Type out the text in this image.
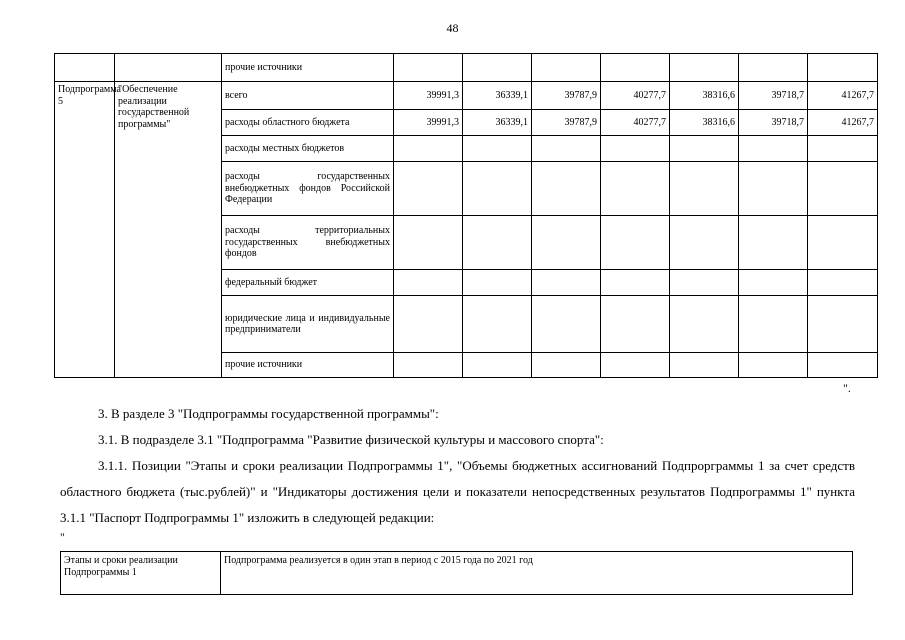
48
		прочие источники							
Подпрограмма 5	"Обеспечение реализации государственной программы"	всего	39991,3	36339,1	39787,9	40277,7	38316,6	39718,7	41267,7
		расходы областного бюджета	39991,3	36339,1	39787,9	40277,7	38316,6	39718,7	41267,7
		расходы местных бюджетов							
		расходы государственных внебюджетных фондов Российской Федерации							
		расходы территориальных государственных внебюджетных фондов							
		федеральный бюджет							
		юридические лица и индивидуальные предприниматели							
		прочие источники							
".

3. В разделе 3 "Подпрограммы государственной программы":

3.1. В подразделе 3.1 "Подпрограмма "Развитие физической культуры и массового спорта":

3.1.1. Позиции "Этапы и сроки реализации Подпрограммы 1", "Объемы бюджетных ассигнований Подпрорграммы 1 за счет средств областного бюджета (тыс.рублей)" и "Индикаторы достижения цели и показатели непосредственных результатов Подпрограммы 1" пункта 3.1.1 "Паспорт Подпрограммы 1" изложить в следующей редакции:

"
Этапы и сроки реализации Подпрограммы 1	Подпрограмма реализуется в один этап в период с 2015 года по 2021 год
